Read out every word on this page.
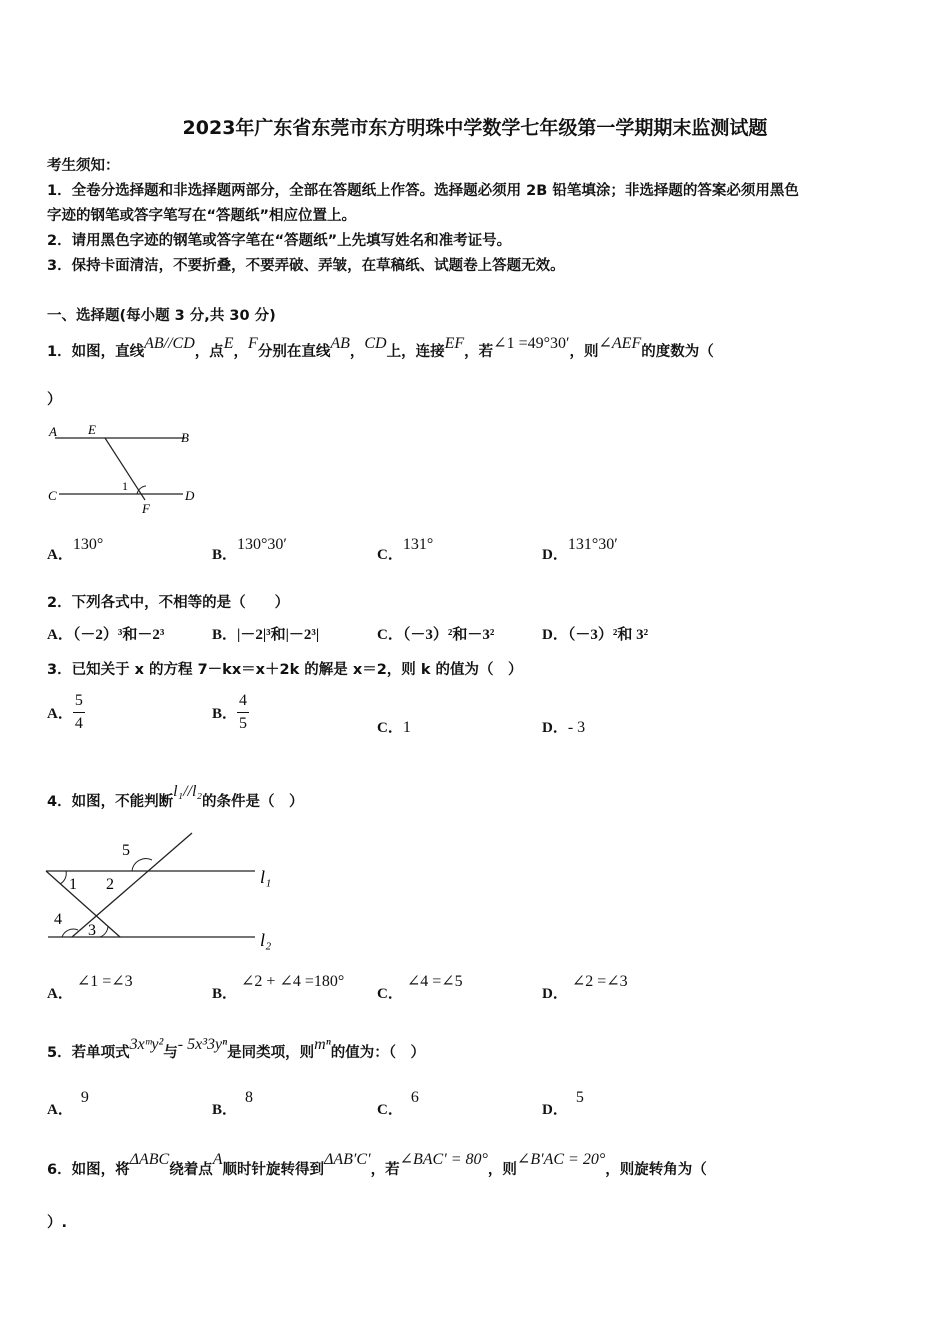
2023年广东省东莞市东方明珠中学数学七年级第一学期期末监测试题
考生须知：
1．全卷分选择题和非选择题两部分，全部在答题纸上作答。选择题必须用 2B 铅笔填涂；非选择题的答案必须用黑色
字迹的钢笔或答字笔写在“答题纸”相应位置上。
2．请用黑色字迹的钢笔或答字笔在“答题纸”上先填写姓名和准考证号。
3．保持卡面清洁，不要折叠，不要弄破、弄皱，在草稿纸、试题卷上答题无效。
一、选择题(每小题 3 分,共 30 分)
1．如图，直线AB//CD，点E，F分别在直线AB，CD上，连接EF，若∠1 =49°30′，则∠AEF的度数为（
）
A E
B
C
1
F
D
A．130°
B．130°30′
C．131°
D．131°30′
2．下列各式中，不相等的是（　　）
A．（－2）³和－2³	B．|－2|³和|－2³|	C．（－3）²和－3²	D．（－3）²和 3²
3．已知关于 x 的方程 7－kx＝x＋2k 的解是 x＝2，则 k 的值为（　）
A． $\frac{5}{4}$	B． $\frac{4}{5}$	C．1	D．- 3
4．如图，不能判断l₁//l₂的条件是（　）
5
1 2
4
3
l₁
l₂
A．∠1 =∠3
B．∠2 + ∠4 =180°
C．∠4 =∠5
D．∠2 =∠3
5．若单项式3xᵐy²与- 5x³3yⁿ是同类项，则mⁿ的值为：（　）
A．9
B．8
C．6
D．5
6．如图，将ΔABC绕着点A顺时针旋转得到ΔAB′C′，若∠BAC′ = 80°，则∠B′AC = 20°，则旋转角为（
）.
